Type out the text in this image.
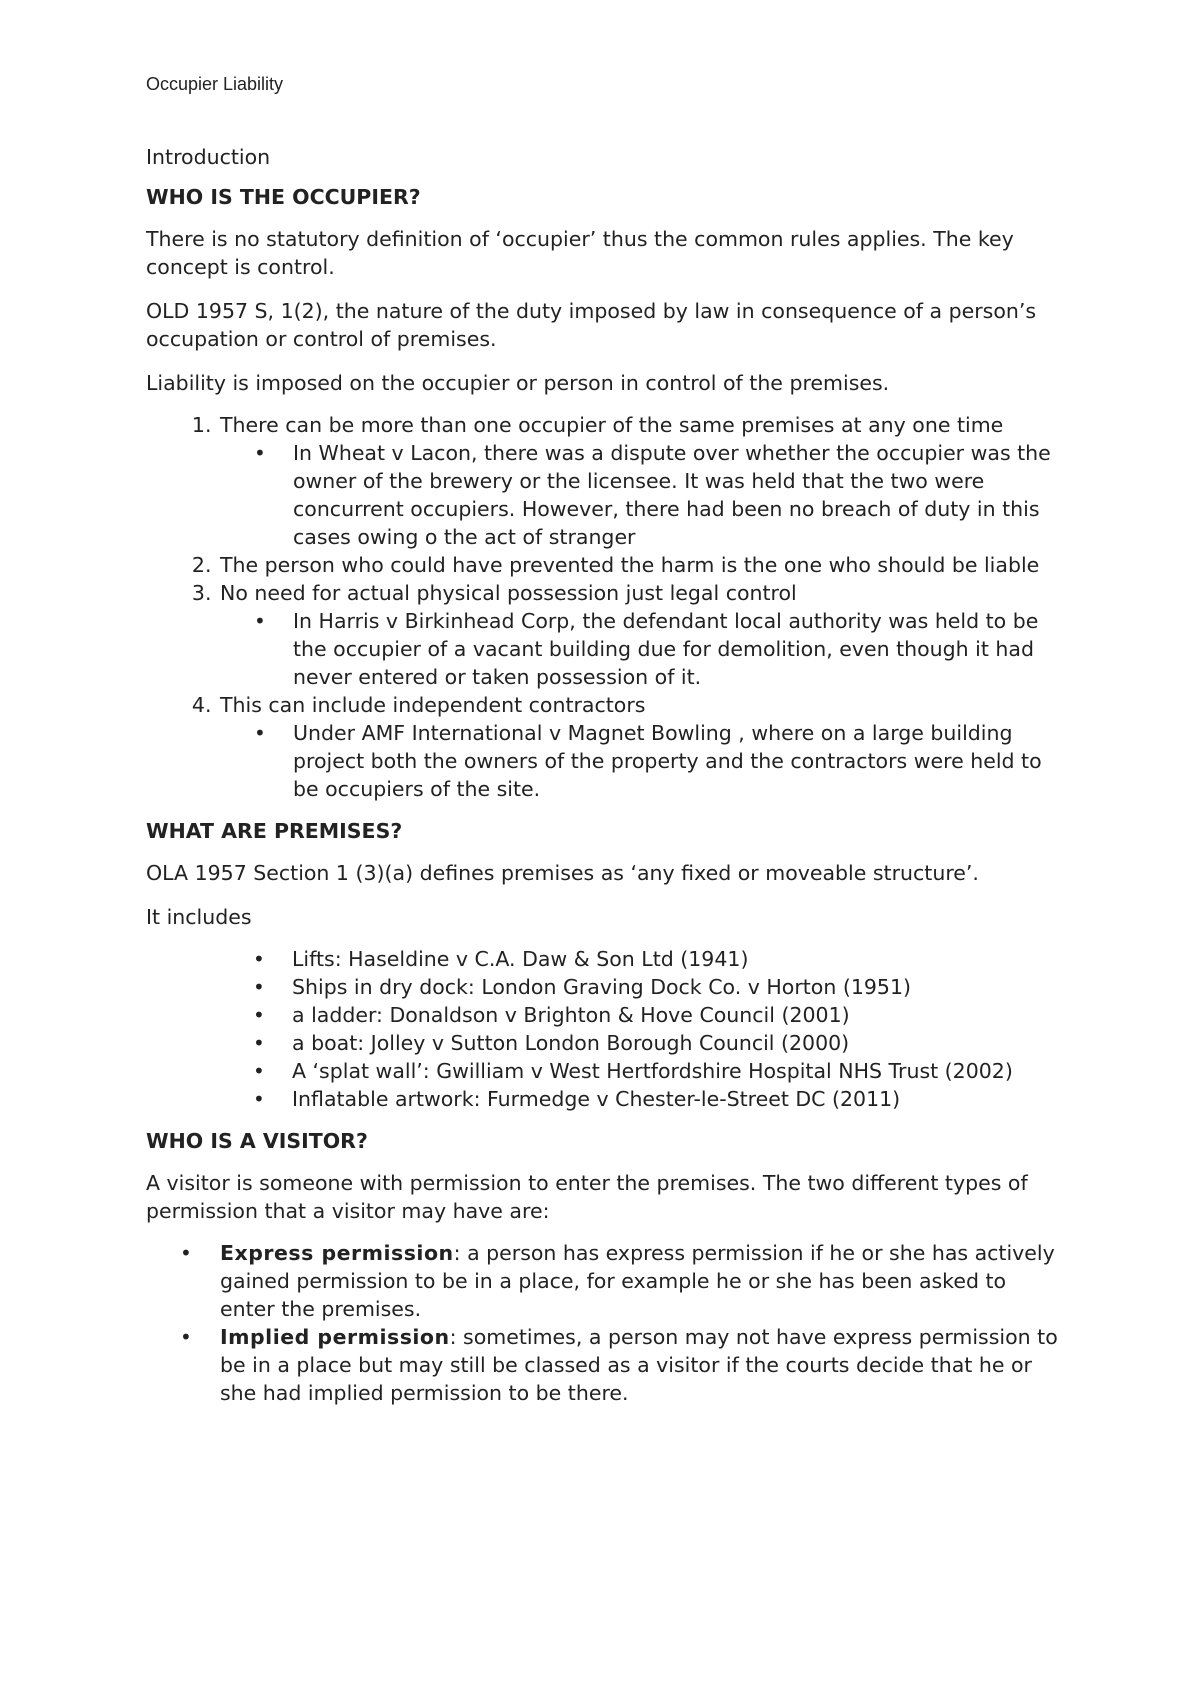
Occupier Liability

Introduction

WHO IS THE OCCUPIER?

There is no statutory definition of ‘occupier’ thus the common rules applies. The key concept is control.

OLD 1957 S, 1(2), the nature of the duty imposed by law in consequence of a person’s occupation or control of premises.

Liability is imposed on the occupier or person in control of the premises.

1. There can be more than one occupier of the same premises at any one time
• In Wheat v Lacon, there was a dispute over whether the occupier was the owner of the brewery or the licensee. It was held that the two were concurrent occupiers. However, there had been no breach of duty in this cases owing o the act of stranger
2. The person who could have prevented the harm is the one who should be liable
3. No need for actual physical possession just legal control
• In Harris v Birkinhead Corp, the defendant local authority was held to be the occupier of a vacant building due for demolition, even though it had never entered or taken possession of it.
4. This can include independent contractors
• Under AMF International v Magnet Bowling , where on a large building project both the owners of the property and the contractors were held to be occupiers of the site.

WHAT ARE PREMISES?

OLA 1957 Section 1 (3)(a) defines premises as ‘any fixed or moveable structure’.

It includes

• Lifts: Haseldine v C.A. Daw & Son Ltd (1941)
• Ships in dry dock: London Graving Dock Co. v Horton (1951)
• a ladder: Donaldson v Brighton & Hove Council (2001)
• a boat: Jolley v Sutton London Borough Council (2000)
• A ‘splat wall’: Gwilliam v West Hertfordshire Hospital NHS Trust (2002)
• Inflatable artwork: Furmedge v Chester-le-Street DC (2011)

WHO IS A VISITOR?

A visitor is someone with permission to enter the premises. The two different types of permission that a visitor may have are:

• Express permission: a person has express permission if he or she has actively gained permission to be in a place, for example he or she has been asked to enter the premises.
• Implied permission: sometimes, a person may not have express permission to be in a place but may still be classed as a visitor if the courts decide that he or she had implied permission to be there.
